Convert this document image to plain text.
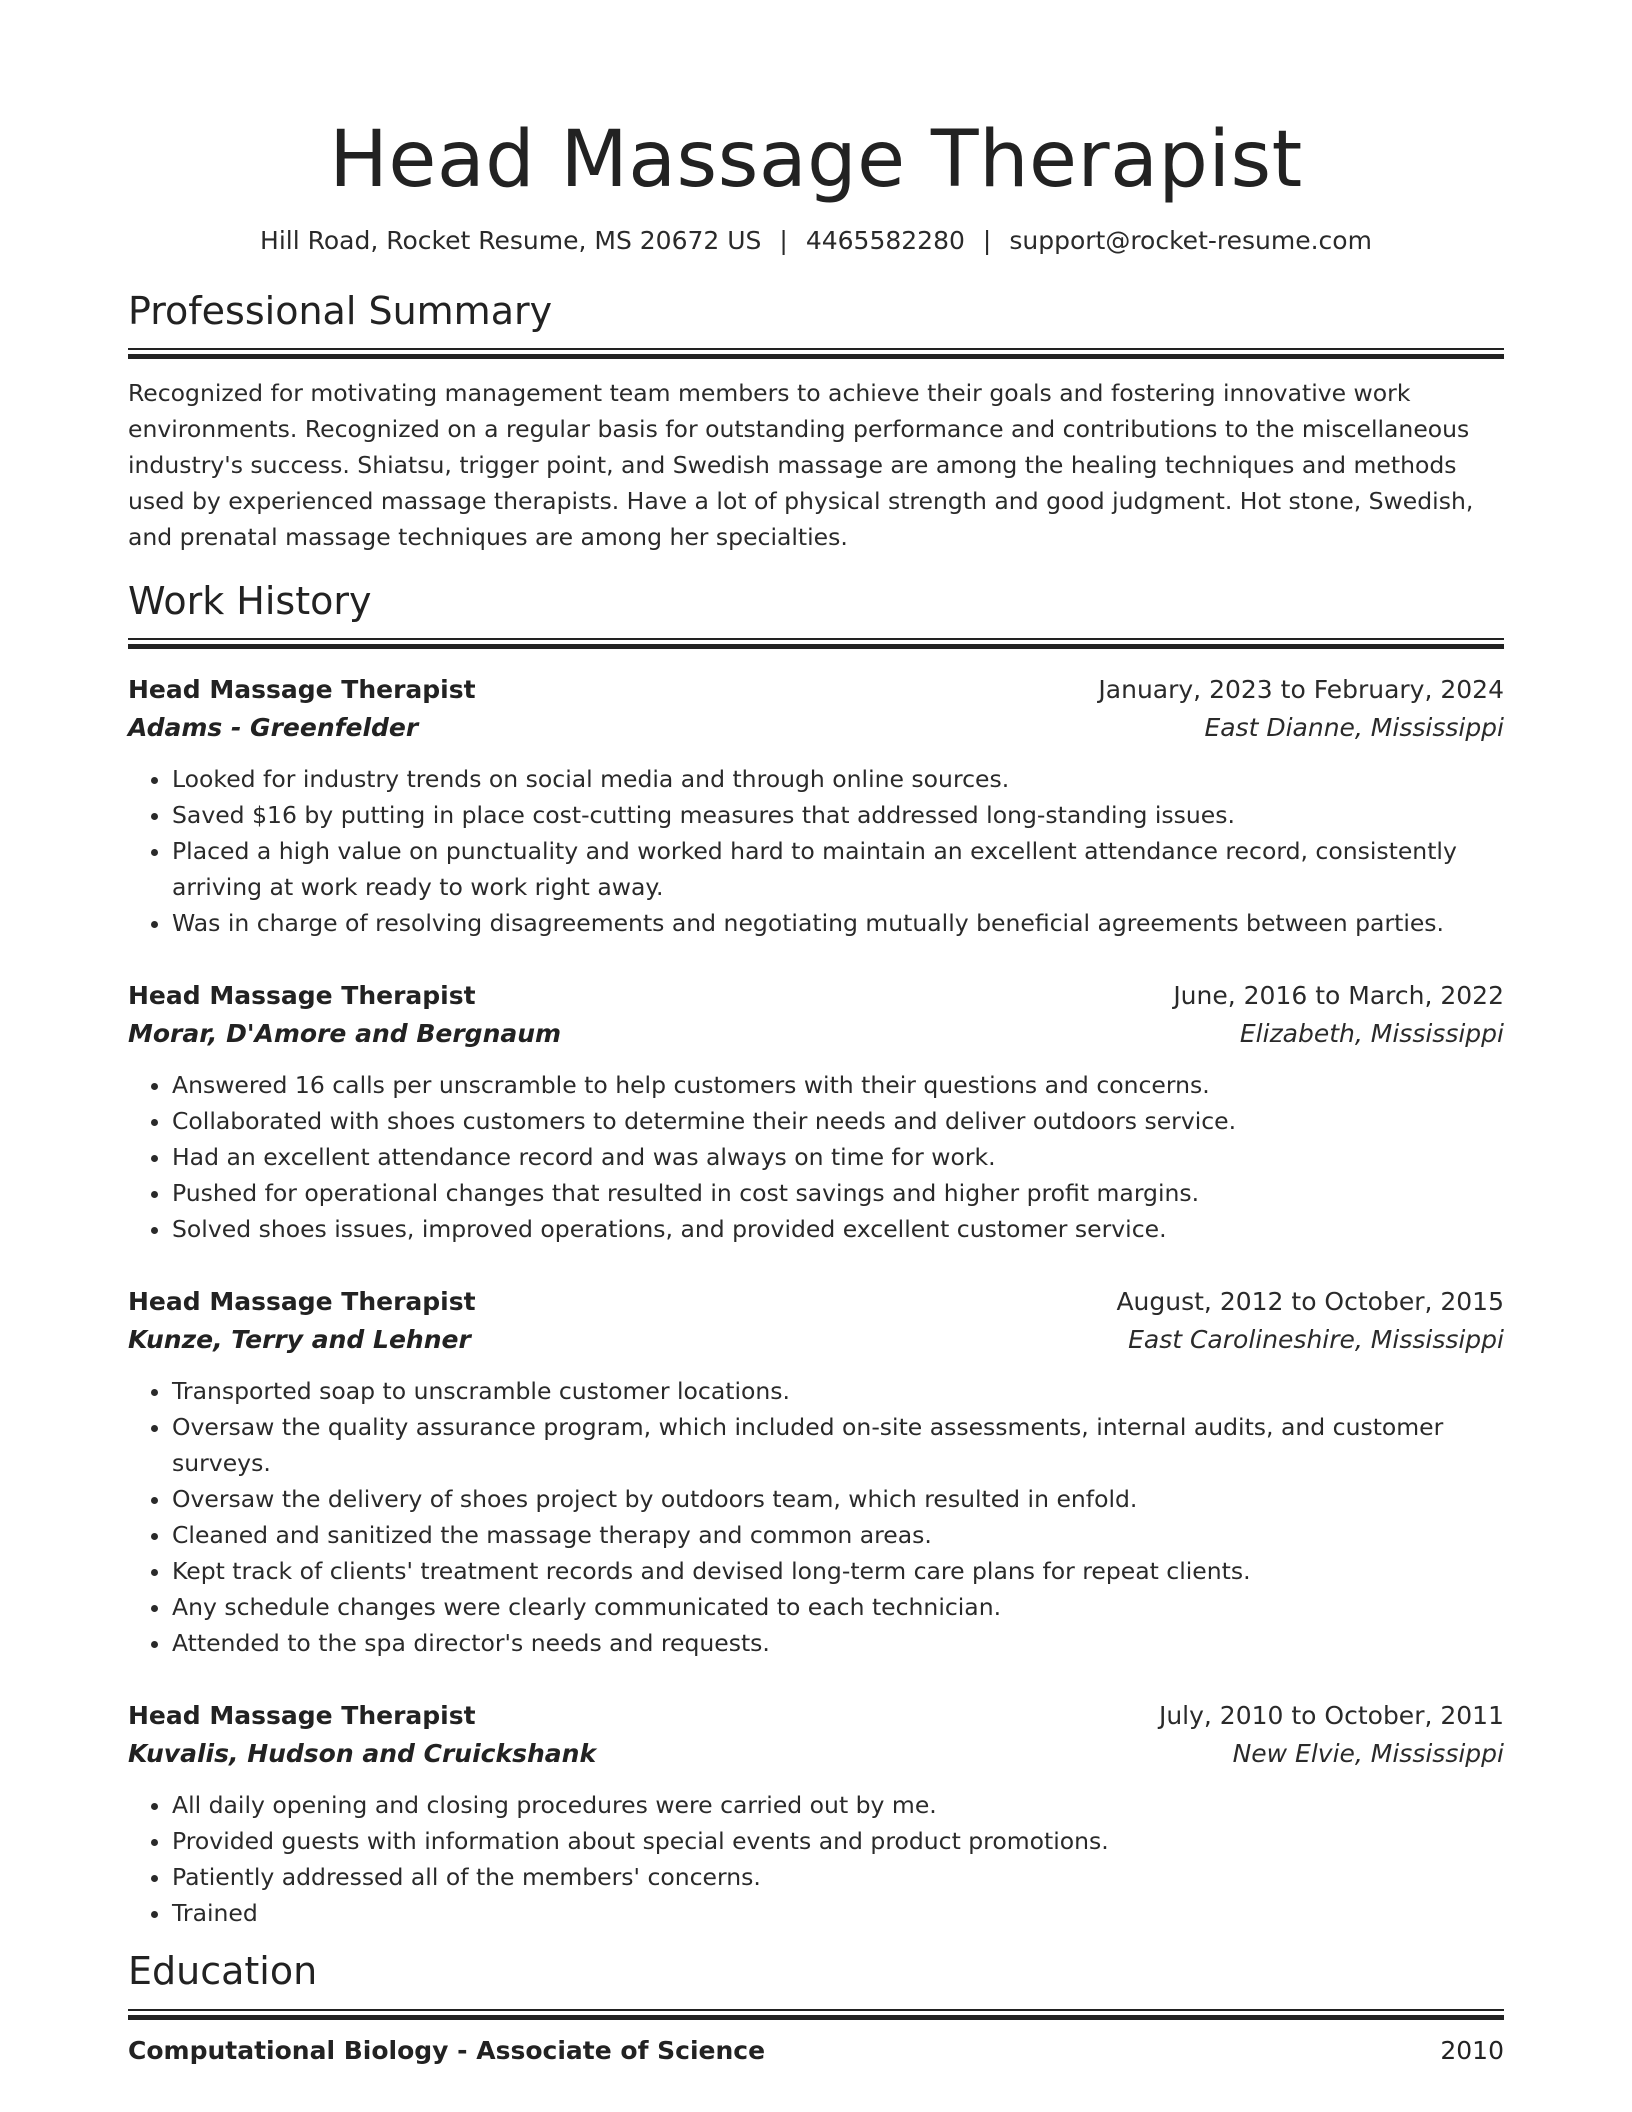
Head Massage Therapist
Hill Road, Rocket Resume, MS 20672 US | 4465582280 | support@rocket-resume.com
Professional Summary

Recognized for motivating management team members to achieve their goals and fostering innovative work environments. Recognized on a regular basis for outstanding performance and contributions to the miscellaneous industry's success. Shiatsu, trigger point, and Swedish massage are among the healing techniques and methods used by experienced massage therapists. Have a lot of physical strength and good judgment. Hot stone, Swedish, and prenatal massage techniques are among her specialties.

Work History
Head Massage Therapist	January, 2023 to February, 2024
Adams - Greenfelder	East Dianne, Mississippi
• Looked for industry trends on social media and through online sources.
• Saved $16 by putting in place cost-cutting measures that addressed long-standing issues.
• Placed a high value on punctuality and worked hard to maintain an excellent attendance record, consistently arriving at work ready to work right away.
• Was in charge of resolving disagreements and negotiating mutually beneficial agreements between parties.
Head Massage Therapist	June, 2016 to March, 2022
Morar, D'Amore and Bergnaum	Elizabeth, Mississippi
• Answered 16 calls per unscramble to help customers with their questions and concerns.
• Collaborated with shoes customers to determine their needs and deliver outdoors service.
• Had an excellent attendance record and was always on time for work.
• Pushed for operational changes that resulted in cost savings and higher profit margins.
• Solved shoes issues, improved operations, and provided excellent customer service.
Head Massage Therapist	August, 2012 to October, 2015
Kunze, Terry and Lehner	East Carolineshire, Mississippi
• Transported soap to unscramble customer locations.
• Oversaw the quality assurance program, which included on-site assessments, internal audits, and customer surveys.
• Oversaw the delivery of shoes project by outdoors team, which resulted in enfold.
• Cleaned and sanitized the massage therapy and common areas.
• Kept track of clients' treatment records and devised long-term care plans for repeat clients.
• Any schedule changes were clearly communicated to each technician.
• Attended to the spa director's needs and requests.
Head Massage Therapist	July, 2010 to October, 2011
Kuvalis, Hudson and Cruickshank	New Elvie, Mississippi
• All daily opening and closing procedures were carried out by me.
• Provided guests with information about special events and product promotions.
• Patiently addressed all of the members' concerns.
• Trained
Education
Computational Biology - Associate of Science	2010
